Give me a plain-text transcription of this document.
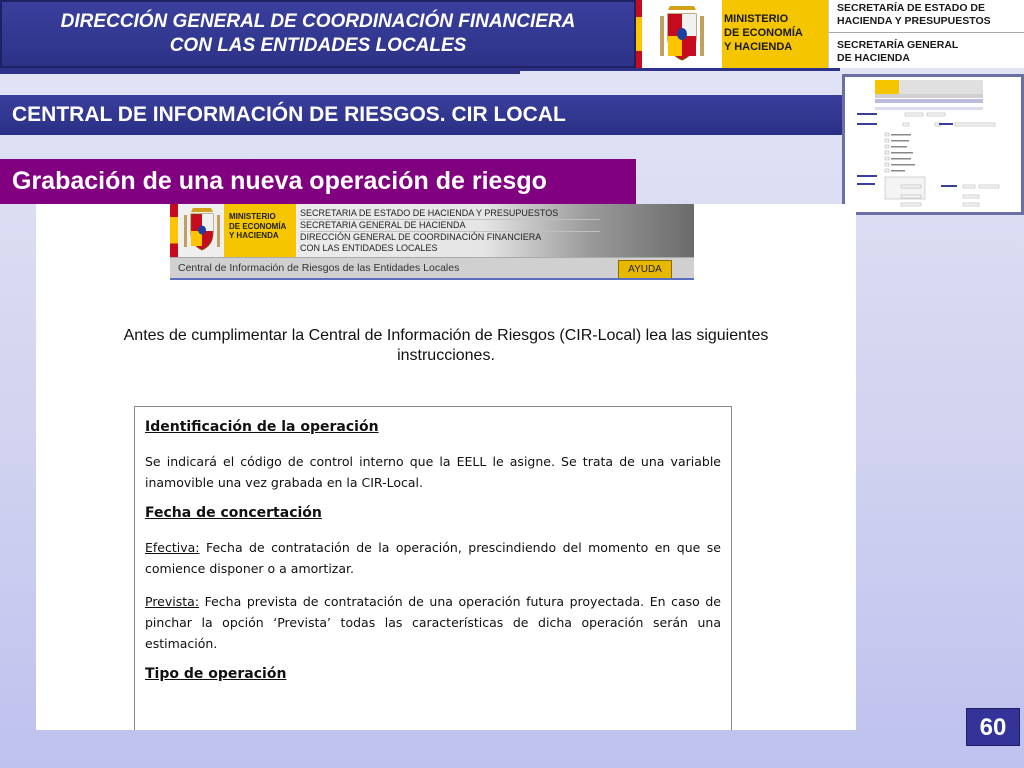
DIRECCIÓN GENERAL DE COORDINACIÓN FINANCIERA
CON LAS ENTIDADES LOCALES
MINISTERIO
DE ECONOMÍA
Y HACIENDA
SECRETARÍA DE ESTADO DE
HACIENDA Y PRESUPUESTOS
SECRETARÍA GENERAL
DE HACIENDA
CENTRAL DE INFORMACIÓN DE RIESGOS. CIR LOCAL
Grabación de una nueva operación de riesgo
MINISTERIO
DE ECONOMÍA
Y HACIENDA
SECRETARIA DE ESTADO DE HACIENDA Y PRESUPUESTOS
SECRETARIA GENERAL DE HACIENDA
DIRECCIÓN GENERAL DE COORDINACIÓN FINANCIERA
CON LAS ENTIDADES LOCALES
Central de Información de Riesgos de las Entidades Locales	AYUDA
Antes de cumplimentar la Central de Información de Riesgos (CIR-Local) lea las siguientes instrucciones.
Identificación de la operación

Se indicará el código de control interno que la EELL le asigne. Se trata de una variable inamovible una vez grabada en la CIR-Local.

Fecha de concertación

Efectiva: Fecha de contratación de la operación, prescindiendo del momento en que se comience disponer o a amortizar.

Prevista: Fecha prevista de contratación de una operación futura proyectada. En caso de pinchar la opción ‘Prevista’ todas las características de dicha operación serán una estimación.

Tipo de operación
60
